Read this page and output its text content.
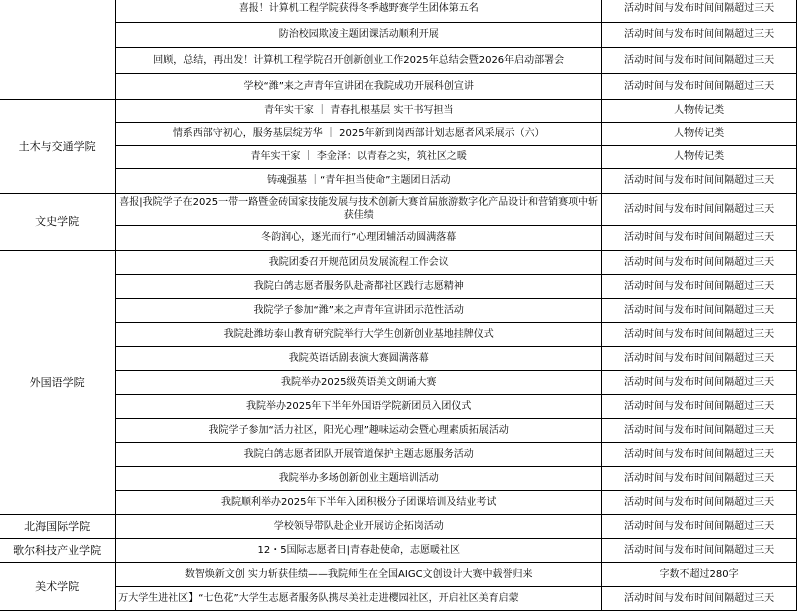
	喜报！计算机工程学院获得冬季越野赛学生团体第五名	活动时间与发布时间间隔超过三天
	防治校园欺凌主题团课活动顺利开展	活动时间与发布时间间隔超过三天
	回顾，总结，再出发！计算机工程学院召开创新创业工作2025年总结会暨2026年启动部署会	活动时间与发布时间间隔超过三天
	学校“潍”来之声青年宣讲团在我院成功开展科创宣讲	活动时间与发布时间间隔超过三天
土木与交通学院	青年实干家 ｜ 青春扎根基层 实干书写担当	人物传记类
	情系西部守初心，服务基层绽芳华 ｜ 2025年新到岗西部计划志愿者风采展示（六）	人物传记类
	青年实干家 ｜ 李金泽：以青春之实，筑社区之暖	人物传记类
	铸魂强基 ｜“青年担当使命”主题团日活动	活动时间与发布时间间隔超过三天
文史学院	喜报|我院学子在2025一带一路暨金砖国家技能发展与技术创新大赛首届旅游数字化产品设计和营销赛项中斩获佳绩	活动时间与发布时间间隔超过三天
	冬韵润心，逐光而行”心理团辅活动圆满落幕	活动时间与发布时间间隔超过三天
外国语学院	我院团委召开规范团员发展流程工作会议	活动时间与发布时间间隔超过三天
	我院白鸽志愿者服务队赴斋都社区践行志愿精神	活动时间与发布时间间隔超过三天
	我院学子参加“潍”来之声青年宣讲团示范性活动	活动时间与发布时间间隔超过三天
	我院赴潍坊泰山教育研究院举行大学生创新创业基地挂牌仪式	活动时间与发布时间间隔超过三天
	我院英语话剧表演大赛圆满落幕	活动时间与发布时间间隔超过三天
	我院举办2025级英语美文朗诵大赛	活动时间与发布时间间隔超过三天
	我院举办2025年下半年外国语学院新团员入团仪式	活动时间与发布时间间隔超过三天
	我院学子参加“活力社区，阳光心理”趣味运动会暨心理素质拓展活动	活动时间与发布时间间隔超过三天
	我院白鸽志愿者团队开展管道保护主题志愿服务活动	活动时间与发布时间间隔超过三天
	我院举办多场创新创业主题培训活动	活动时间与发布时间间隔超过三天
	我院顺利举办2025年下半年入团积极分子团课培训及结业考试	活动时间与发布时间间隔超过三天
北海国际学院	学校领导带队赴企业开展访企拓岗活动	活动时间与发布时间间隔超过三天
歌尔科技产业学院	12・5国际志愿者日|青春赴使命，志愿暖社区	活动时间与发布时间间隔超过三天
美术学院	数智焕新文创 实力斩获佳绩——我院师生在全国AIGC文创设计大赛中载誉归来	字数不超过280字
	万大学生进社区】“七色花”大学生志愿者服务队携尽美社走进樱园社区，开启社区美育启蒙	活动时间与发布时间间隔超过三天
